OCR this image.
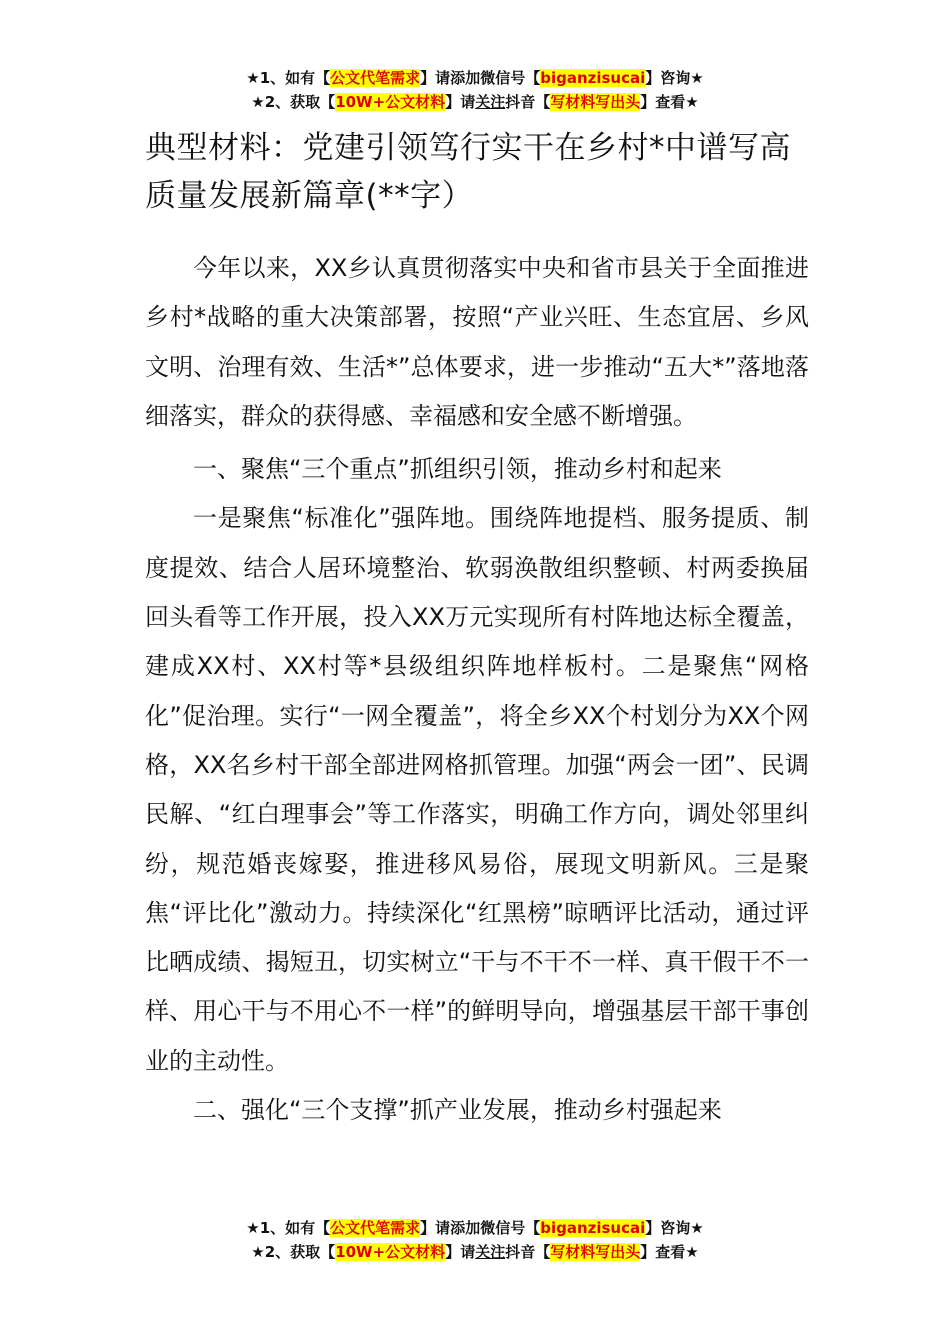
★1、如有【公文代笔需求】请添加微信号【biganzisucai】咨询★
★2、获取【10W+公文材料】请关注抖音【写材料写出头】查看★
典型材料：党建引领笃行实干在乡村*中谱写高质量发展新篇章(**字）

今年以来，XX乡认真贯彻落实中央和省市县关于全面推进乡村*战略的重大决策部署，按照“产业兴旺、生态宜居、乡风文明、治理有效、生活*”总体要求，进一步推动“五大*”落地落细落实，群众的获得感、幸福感和安全感不断增强。

一、聚焦“三个重点”抓组织引领，推动乡村和起来

一是聚焦“标准化”强阵地。围绕阵地提档、服务提质、制度提效、结合人居环境整治、软弱涣散组织整顿、村两委换届回头看等工作开展，投入XX万元实现所有村阵地达标全覆盖，建成XX村、XX村等*县级组织阵地样板村。二是聚焦“网格化”促治理。实行“一网全覆盖”，将全乡XX个村划分为XX个网格，XX名乡村干部全部进网格抓管理。加强“两会一团”、民调民解、“红白理事会”等工作落实，明确工作方向，调处邻里纠纷，规范婚丧嫁娶，推进移风易俗，展现文明新风。三是聚焦“评比化”激动力。持续深化“红黑榜”晾晒评比活动，通过评比晒成绩、揭短丑，切实树立“干与不干不一样、真干假干不一样、用心干与不用心不一样”的鲜明导向，增强基层干部干事创业的主动性。

二、强化“三个支撑”抓产业发展，推动乡村强起来
★1、如有【公文代笔需求】请添加微信号【biganzisucai】咨询★
★2、获取【10W+公文材料】请关注抖音【写材料写出头】查看★
